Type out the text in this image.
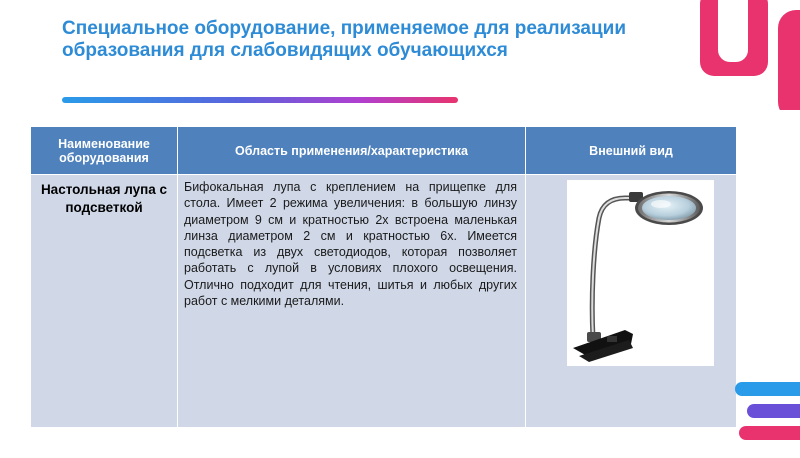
Специальное оборудование, применяемое для реализации образования для слабовидящих обучающихся
Наименование оборудования	Область применения/характеристика	Внешний вид
Настольная лупа с подсветкой	Бифокальная лупа с креплением на прищепке для стола. Имеет 2 режима увеличения: в большую линзу диаметром 9 см и кратностью 2х встроена маленькая линза диаметром 2 см и кратностью 6х. Имеется подсветка из двух светодиодов, которая позволяет работать с лупой в условиях плохого освещения. Отлично подходит для чтения, шитья и любых других работ с мелкими деталями.	
